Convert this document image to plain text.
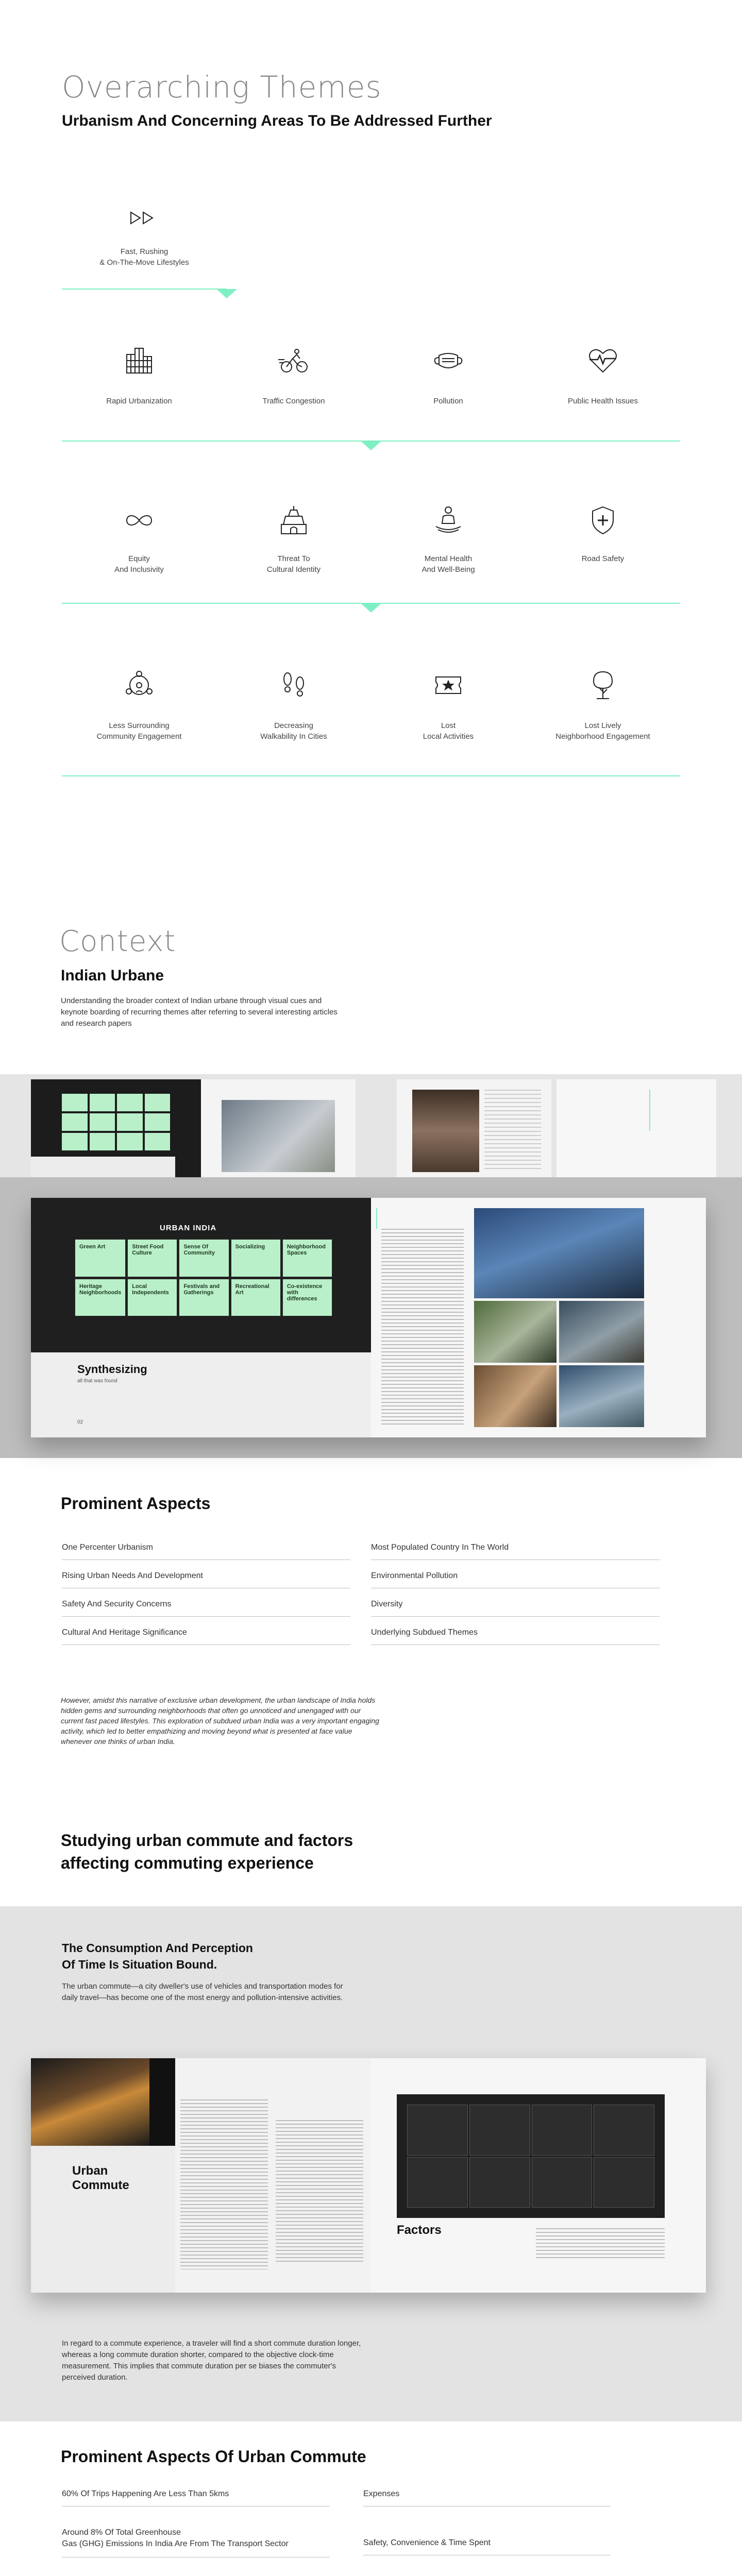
Overarching Themes
Urbanism And Concerning Areas To Be Addressed Further
Fast, Rushing
& On-The-Move Lifestyles
Rapid Urbanization	Traffic Congestion	Pollution	Public Health Issues
Equity
And Inclusivity
Threat To
Cultural Identity
Mental Health
And Well-Being
Road Safety
Less Surrounding
Community Engagement
Decreasing
Walkability In Cities
Lost
Local Activities
Lost Lively
Neighborhood Engagement
Context
Indian Urbane
Understanding the broader context of Indian urbane through visual cues and keynote boarding of recurring themes after referring to several interesting articles and research papers
URBAN INDIA
Green Art	Street Food Culture
Sense Of Community
Socializing	Neighborhood Spaces
Heritage Neighborhoods
Local Independents
Festivals and Gatherings
Recreational Art
Co-existence with differences
Synthesizing
all that was found
02
Prominent Aspects
One Percenter Urbanism
Rising Urban Needs And Development
Safety And Security Concerns
Cultural And Heritage Significance
Most Populated Country In The World
Environmental Pollution
Diversity
Underlying Subdued Themes
However, amidst this narrative of exclusive urban development, the urban landscape of India holds hidden gems and surrounding neighborhoods that often go unnoticed and unengaged with our current fast paced lifestyles. This exploration of subdued urban India was a very important engaging activity, which led to better empathizing and moving beyond what is presented at face value whenever one thinks of urban India.
Studying urban commute and factors
affecting commuting experience
The Consumption And Perception
Of Time Is Situation Bound.
The urban commute—a city dweller's use of vehicles and transportation modes for daily travel—has become one of the most energy and pollution-intensive activities.
Urban
Commute
Factors
In regard to a commute experience, a traveler will find a short commute duration longer, whereas a long commute duration shorter, compared to the objective clock-time measurement. This implies that commute duration per se biases the commuter's perceived duration.
Prominent Aspects Of Urban Commute
60% Of Trips Happening Are Less Than 5kms
Around 8% Of Total Greenhouse
Gas (GHG) Emissions In India Are From The Transport Sector
Expenses
Safety, Convenience & Time Spent
